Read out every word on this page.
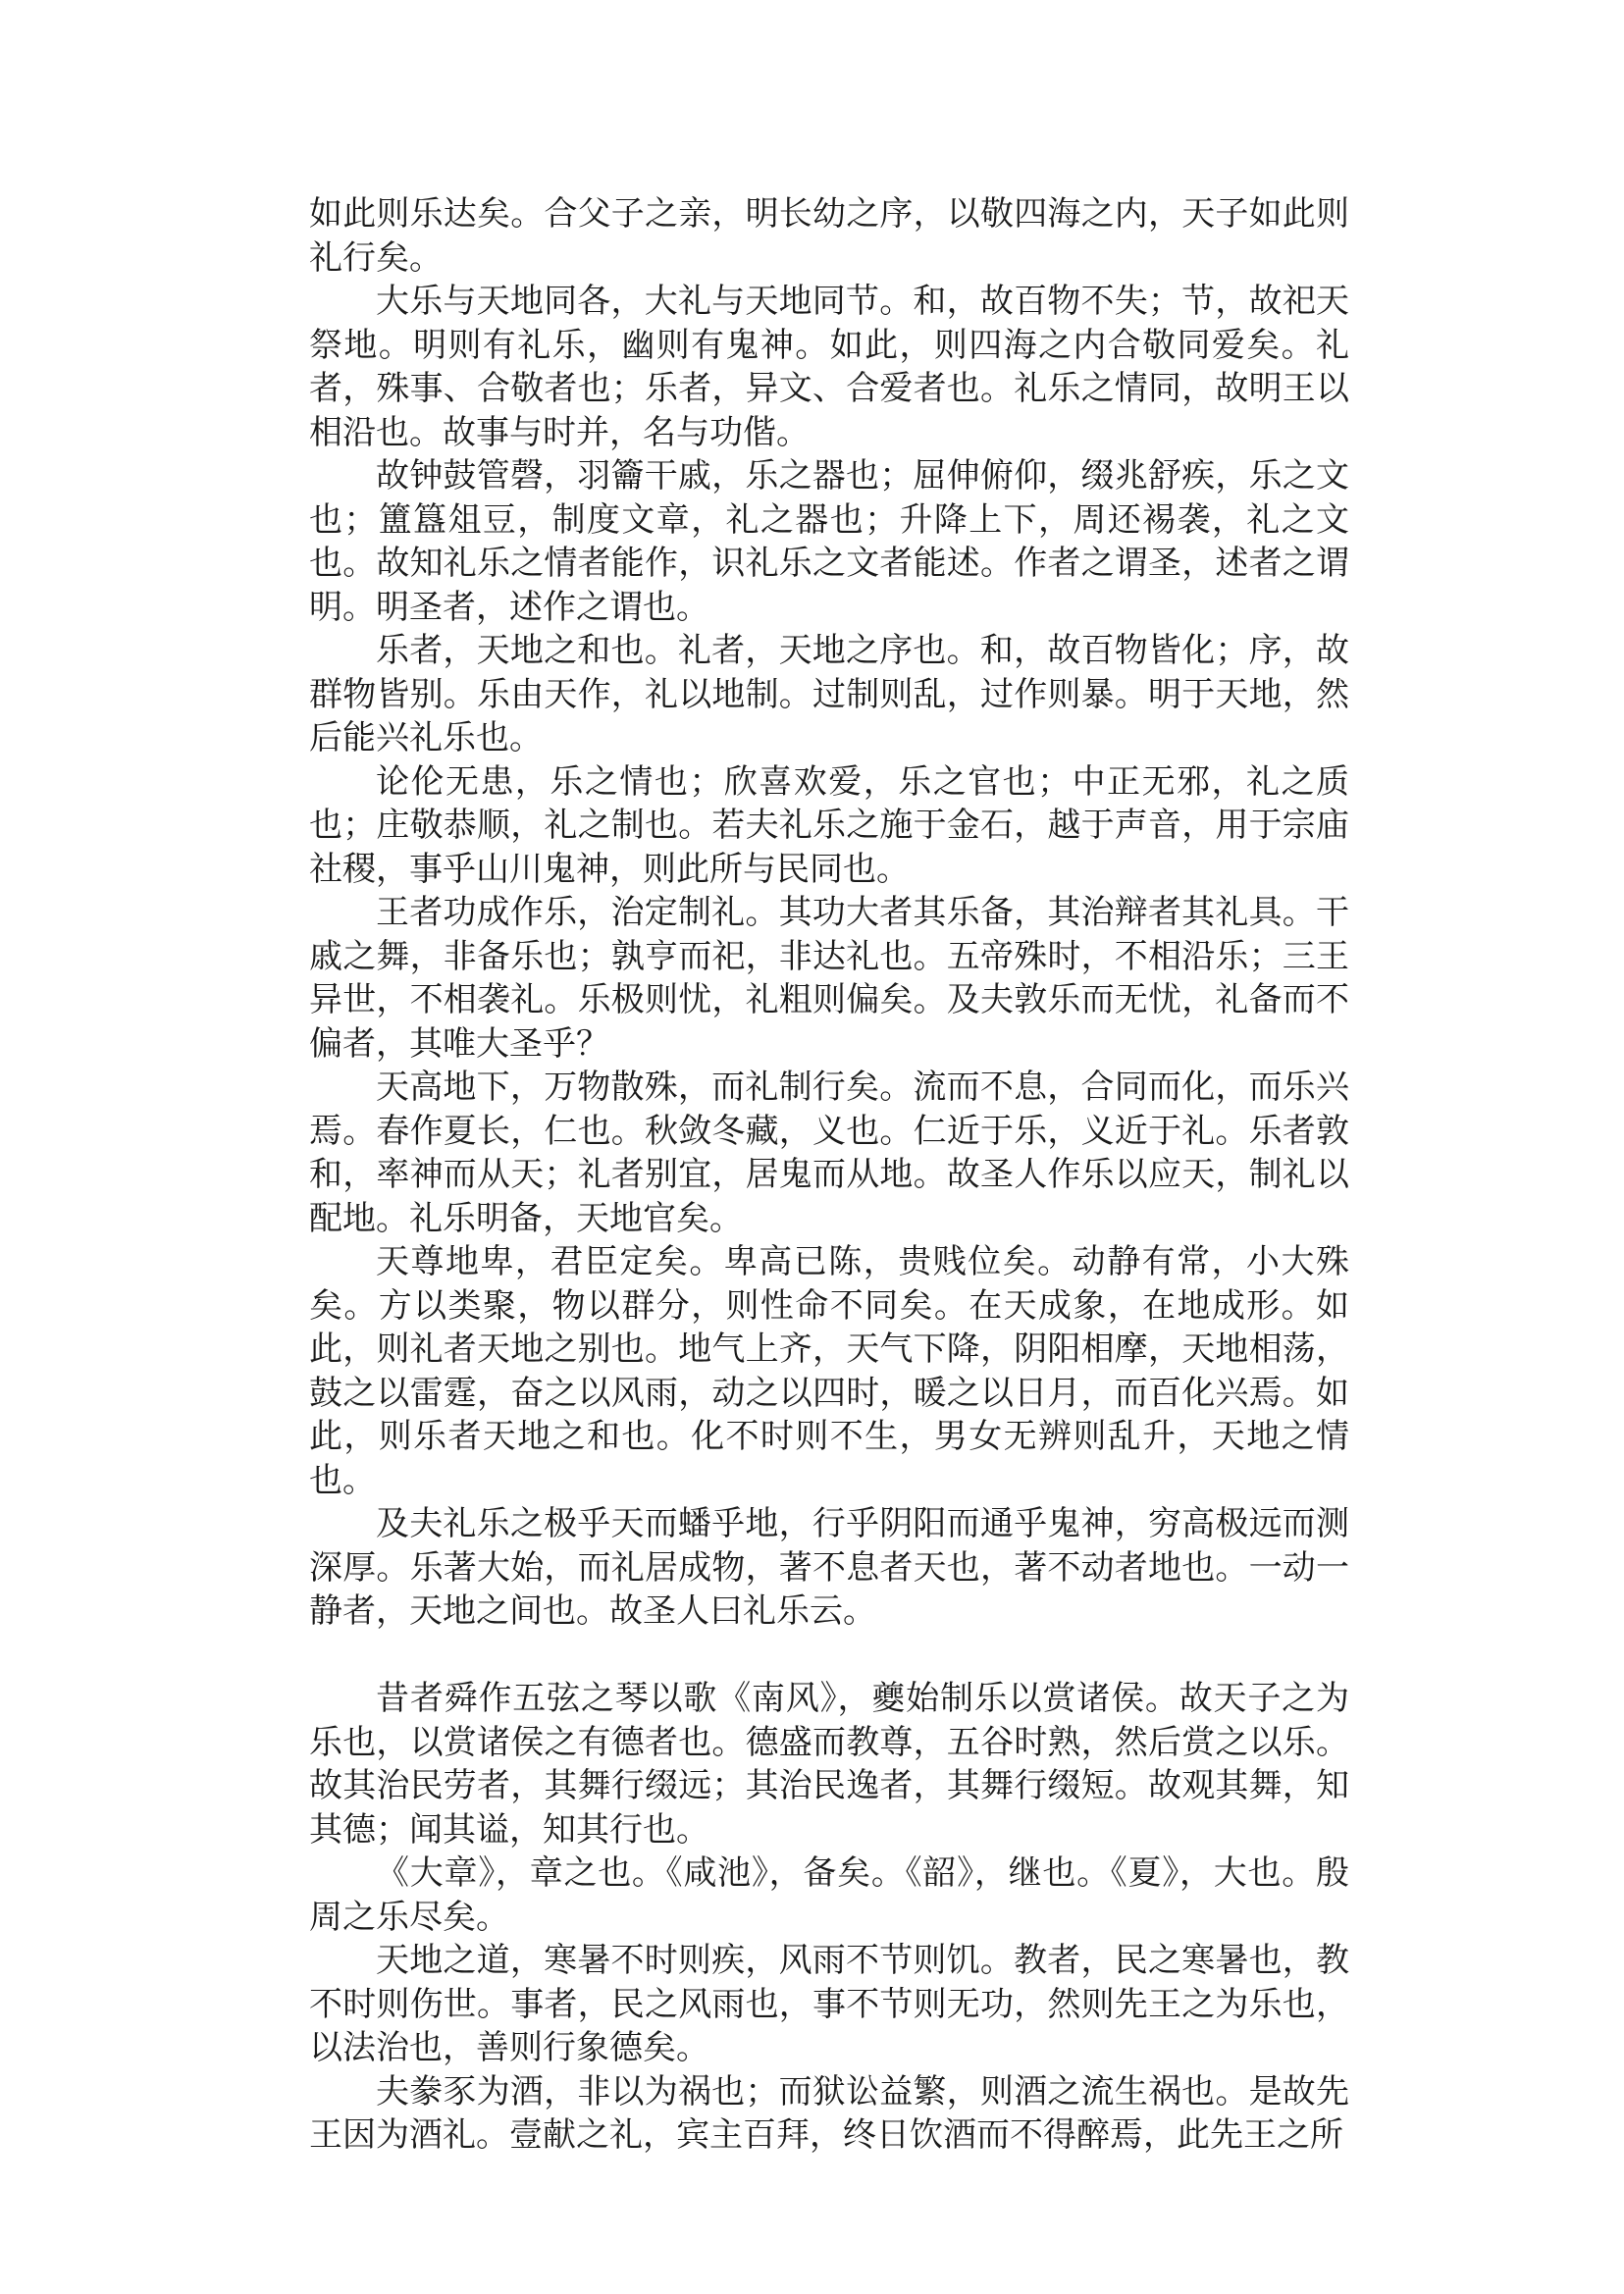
如此则乐达矣。合父子之亲，明长幼之序，以敬四海之内，天子如此则礼行矣。

大乐与天地同各，大礼与天地同节。和，故百物不失；节，故祀天祭地。明则有礼乐，幽则有鬼神。如此，则四海之内合敬同爱矣。礼者，殊事、合敬者也；乐者，异文、合爱者也。礼乐之情同，故明王以相沿也。故事与时并，名与功偕。

故钟鼓管磬，羽籥干戚，乐之器也；屈伸俯仰，缀兆舒疾，乐之文也；簠簋俎豆，制度文章，礼之器也；升降上下，周还裼袭，礼之文也。故知礼乐之情者能作，识礼乐之文者能述。作者之谓圣，述者之谓明。明圣者，述作之谓也。

乐者，天地之和也。礼者，天地之序也。和，故百物皆化；序，故群物皆别。乐由天作，礼以地制。过制则乱，过作则暴。明于天地，然后能兴礼乐也。

论伦无患，乐之情也；欣喜欢爱，乐之官也；中正无邪，礼之质也；庄敬恭顺，礼之制也。若夫礼乐之施于金石，越于声音，用于宗庙社稷，事乎山川鬼神，则此所与民同也。

王者功成作乐，治定制礼。其功大者其乐备，其治辩者其礼具。干戚之舞，非备乐也；孰亨而祀，非达礼也。五帝殊时，不相沿乐；三王异世，不相袭礼。乐极则忧，礼粗则偏矣。及夫敦乐而无忧，礼备而不偏者，其唯大圣乎？

天高地下，万物散殊，而礼制行矣。流而不息，合同而化，而乐兴焉。春作夏长，仁也。秋敛冬藏，义也。仁近于乐，义近于礼。乐者敦和，率神而从天；礼者别宜，居鬼而从地。故圣人作乐以应天，制礼以配地。礼乐明备，天地官矣。

天尊地卑，君臣定矣。卑高已陈，贵贱位矣。动静有常，小大殊矣。方以类聚，物以群分，则性命不同矣。在天成象，在地成形。如此，则礼者天地之别也。地气上齐，天气下降，阴阳相摩，天地相荡，鼓之以雷霆，奋之以风雨，动之以四时，暖之以日月，而百化兴焉。如此，则乐者天地之和也。化不时则不生，男女无辨则乱升，天地之情也。

及夫礼乐之极乎天而蟠乎地，行乎阴阳而通乎鬼神，穷高极远而测深厚。乐著大始，而礼居成物，著不息者天也，著不动者地也。一动一静者，天地之间也。故圣人曰礼乐云。

昔者舜作五弦之琴以歌《南风》，夔始制乐以赏诸侯。故天子之为乐也，以赏诸侯之有德者也。德盛而教尊，五谷时熟，然后赏之以乐。故其治民劳者，其舞行缀远；其治民逸者，其舞行缀短。故观其舞，知其德；闻其谥，知其行也。

《大章》，章之也。《咸池》，备矣。《韶》，继也。《夏》，大也。殷周之乐尽矣。

天地之道，寒暑不时则疾，风雨不节则饥。教者，民之寒暑也，教不时则伤世。事者，民之风雨也，事不节则无功，然则先王之为乐也，以法治也，善则行象德矣。

夫豢豕为酒，非以为祸也；而狱讼益繁，则酒之流生祸也。是故先王因为酒礼。壹献之礼，宾主百拜，终日饮酒而不得醉焉，此先王之所
